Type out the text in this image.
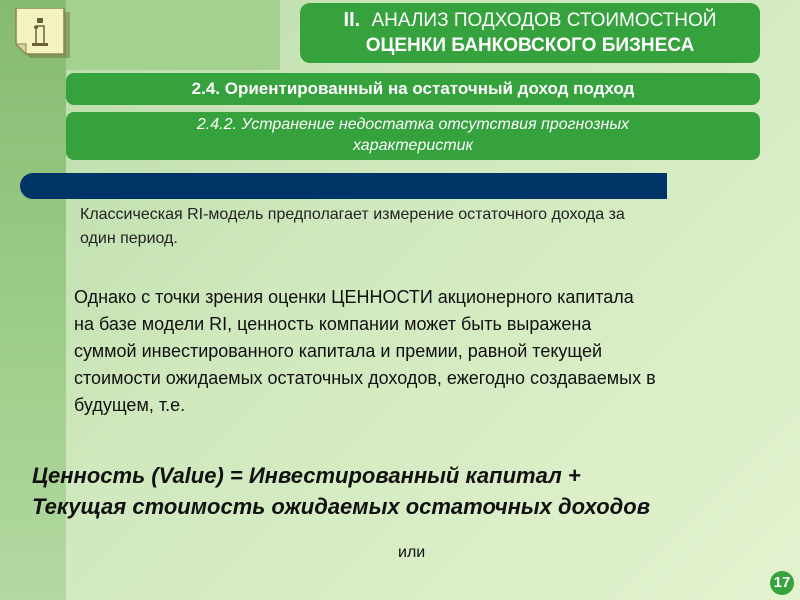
II. АНАЛИЗ ПОДХОДОВ СТОИМОСТНОЙ
ОЦЕНКИ БАНКОВСКОГО БИЗНЕСА
2.4. Ориентированный на остаточный доход подход
2.4.2. Устранение недостатка отсутствия прогнозных
характеристик
Классическая RI-модель предполагает измерение остаточного дохода за
один период.
Однако с точки зрения оценки ЦЕННОСТИ акционерного капитала
на базе модели RI, ценность компании может быть выражена
суммой инвестированного капитала и премии, равной текущей
стоимости ожидаемых остаточных доходов, ежегодно создаваемых в
будущем, т.е.
Ценность (Value) = Инвестированный капитал +
Текущая стоимость ожидаемых остаточных доходов
или
17
